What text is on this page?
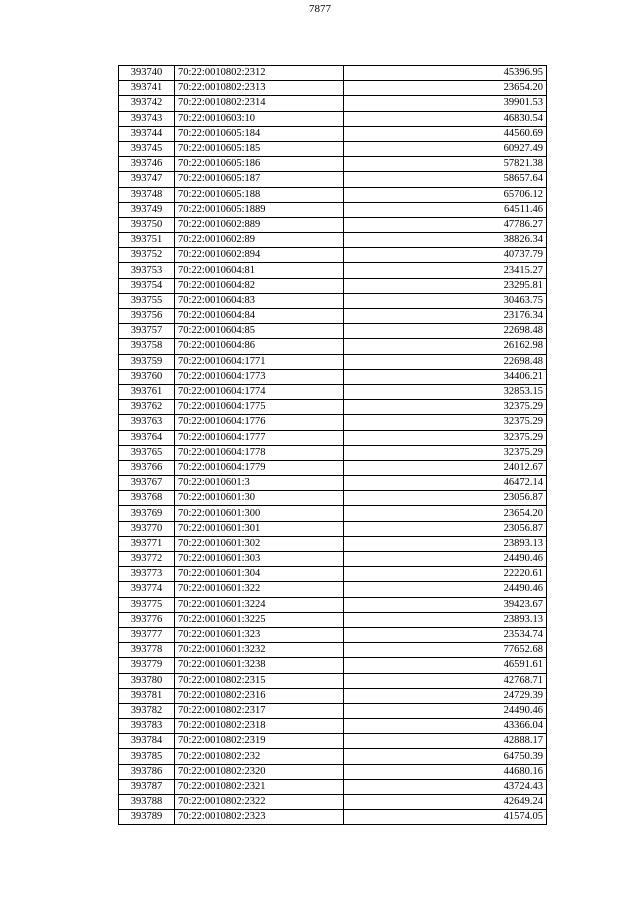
7877
393740	70:22:0010802:2312	45396.95
393741	70:22:0010802:2313	23654.20
393742	70:22:0010802:2314	39901.53
393743	70:22:0010603:10	46830.54
393744	70:22:0010605:184	44560.69
393745	70:22:0010605:185	60927.49
393746	70:22:0010605:186	57821.38
393747	70:22:0010605:187	58657.64
393748	70:22:0010605:188	65706.12
393749	70:22:0010605:1889	64511.46
393750	70:22:0010602:889	47786.27
393751	70:22:0010602:89	38826.34
393752	70:22:0010602:894	40737.79
393753	70:22:0010604:81	23415.27
393754	70:22:0010604:82	23295.81
393755	70:22:0010604:83	30463.75
393756	70:22:0010604:84	23176.34
393757	70:22:0010604:85	22698.48
393758	70:22:0010604:86	26162.98
393759	70:22:0010604:1771	22698.48
393760	70:22:0010604:1773	34406.21
393761	70:22:0010604:1774	32853.15
393762	70:22:0010604:1775	32375.29
393763	70:22:0010604:1776	32375.29
393764	70:22:0010604:1777	32375.29
393765	70:22:0010604:1778	32375.29
393766	70:22:0010604:1779	24012.67
393767	70:22:0010601:3	46472.14
393768	70:22:0010601:30	23056.87
393769	70:22:0010601:300	23654.20
393770	70:22:0010601:301	23056.87
393771	70:22:0010601:302	23893.13
393772	70:22:0010601:303	24490.46
393773	70:22:0010601:304	22220.61
393774	70:22:0010601:322	24490.46
393775	70:22:0010601:3224	39423.67
393776	70:22:0010601:3225	23893.13
393777	70:22:0010601:323	23534.74
393778	70:22:0010601:3232	77652.68
393779	70:22:0010601:3238	46591.61
393780	70:22:0010802:2315	42768.71
393781	70:22:0010802:2316	24729.39
393782	70:22:0010802:2317	24490.46
393783	70:22:0010802:2318	43366.04
393784	70:22:0010802:2319	42888.17
393785	70:22:0010802:232	64750.39
393786	70:22:0010802:2320	44680.16
393787	70:22:0010802:2321	43724.43
393788	70:22:0010802:2322	42649.24
393789	70:22:0010802:2323	41574.05
